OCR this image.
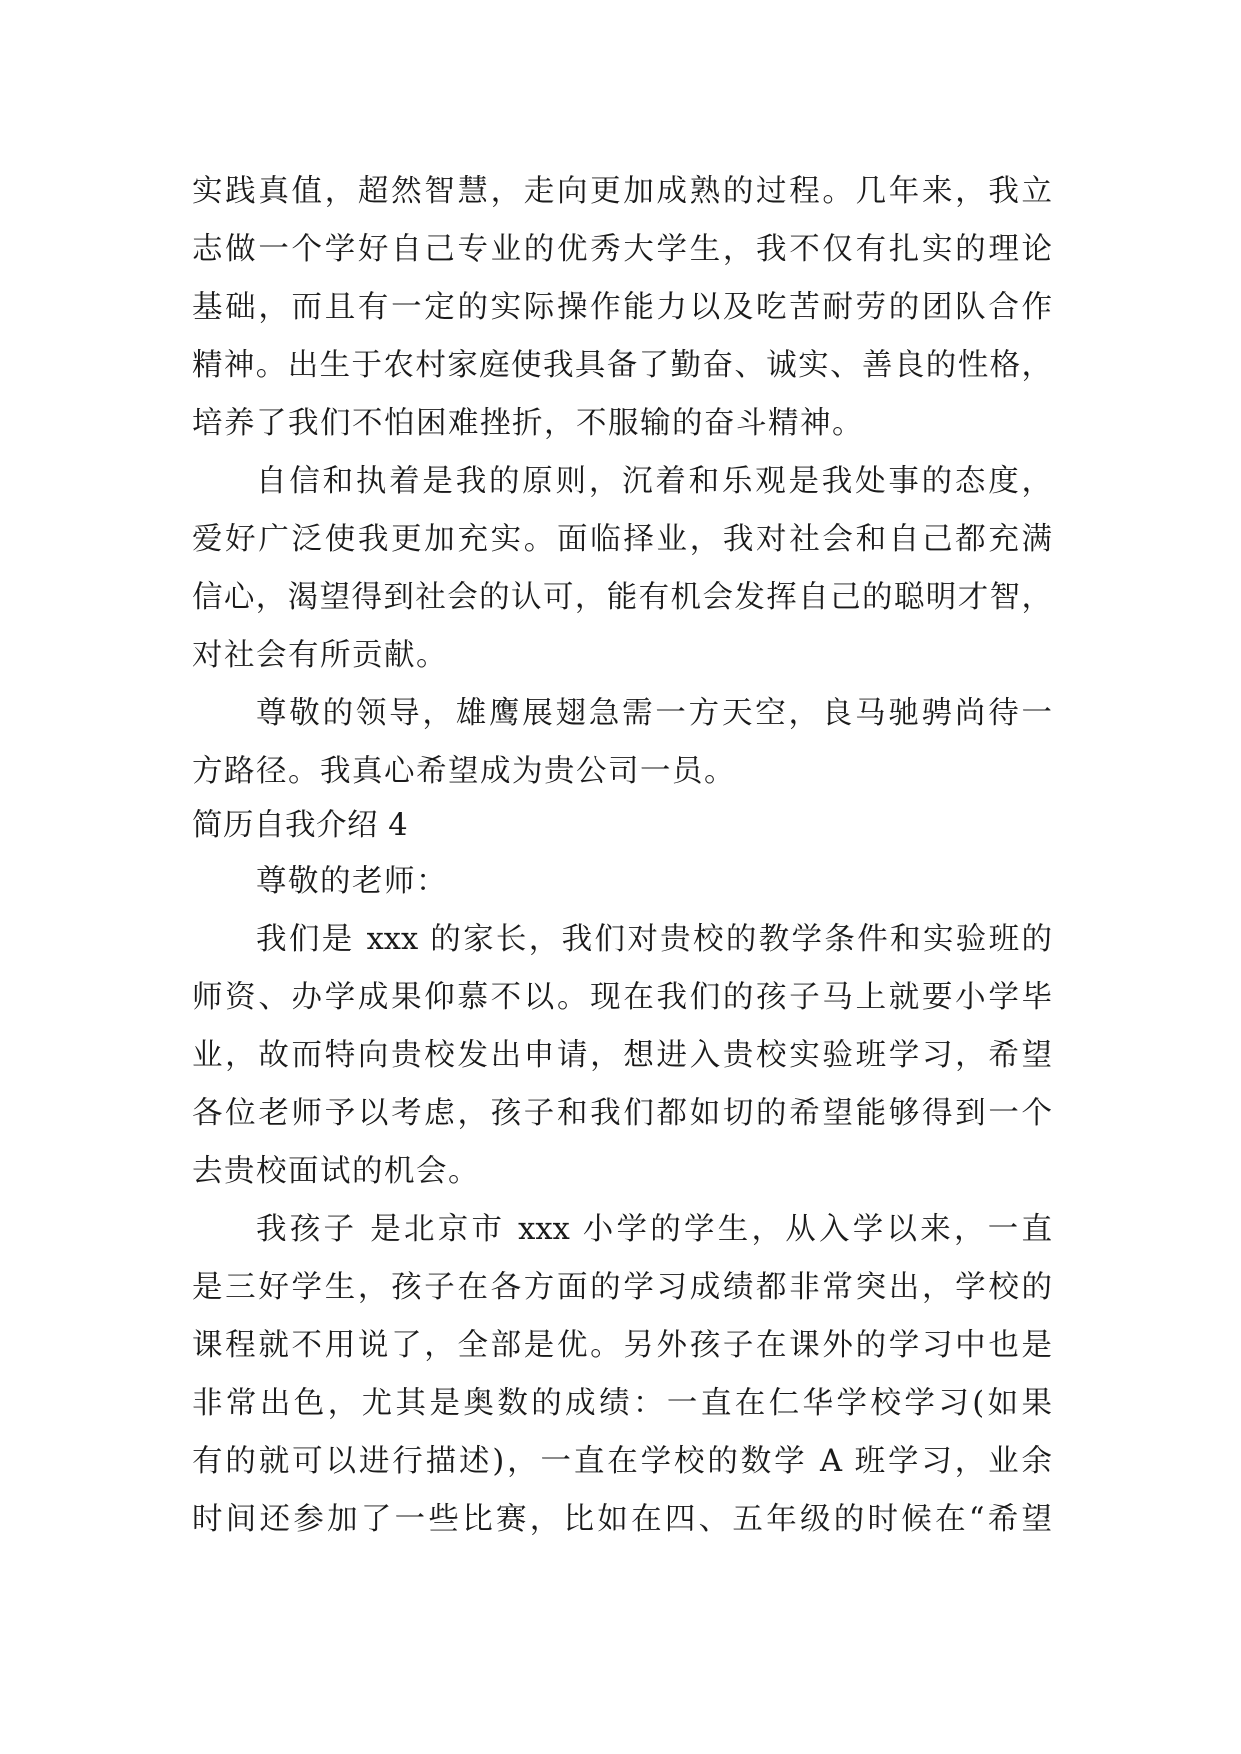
实践真值，超然智慧，走向更加成熟的过程。几年来，我立
志做一个学好自己专业的优秀大学生，我不仅有扎实的理论
基础，而且有一定的实际操作能力以及吃苦耐劳的团队合作
精神。出生于农村家庭使我具备了勤奋、诚实、善良的性格，
培养了我们不怕困难挫折，不服输的奋斗精神。
自信和执着是我的原则，沉着和乐观是我处事的态度，
爱好广泛使我更加充实。面临择业，我对社会和自己都充满
信心，渴望得到社会的认可，能有机会发挥自己的聪明才智，
对社会有所贡献。
尊敬的领导，雄鹰展翅急需一方天空，良马驰骋尚待一
方路径。我真心希望成为贵公司一员。
简历自我介绍 4
尊敬的老师：
我们是 xxx 的家长，我们对贵校的教学条件和实验班的
师资、办学成果仰慕不以。现在我们的孩子马上就要小学毕
业，故而特向贵校发出申请，想进入贵校实验班学习，希望
各位老师予以考虑，孩子和我们都如切的希望能够得到一个
去贵校面试的机会。
我孩子 是北京市 xxx 小学的学生，从入学以来，一直
是三好学生，孩子在各方面的学习成绩都非常突出，学校的
课程就不用说了，全部是优。另外孩子在课外的学习中也是
非常出色，尤其是奥数的成绩：一直在仁华学校学习(如果
有的就可以进行描述)，一直在学校的数学 A 班学习，业余
时间还参加了一些比赛，比如在四、五年级的时候在“希望
